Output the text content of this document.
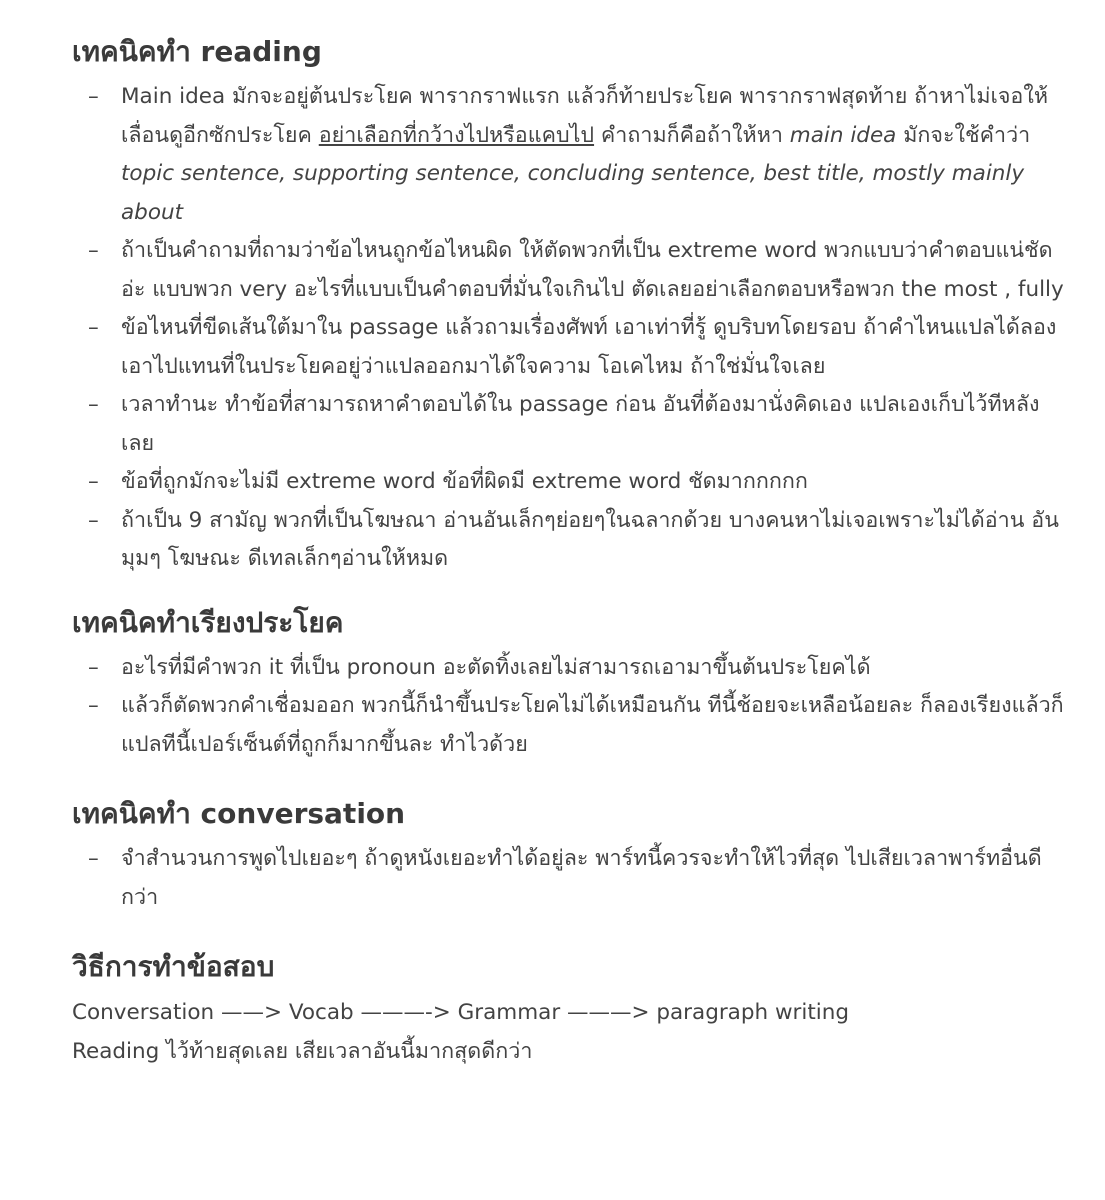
เทคนิคทำ reading
– Main idea มักจะอยู่ต้นประโยค พารากราฟแรก แล้วก็ท้ายประโยค พารากราฟสุดท้าย ถ้าหาไม่เจอให้เลื่อนดูอีกซักประโยค อย่าเลือกที่กว้างไปหรือแคบไป คำถามก็คือถ้าให้หา main idea มักจะใช้คำว่า topic sentence, supporting sentence, concluding sentence, best title, mostly mainly about
– ถ้าเป็นคำถามที่ถามว่าข้อไหนถูกข้อไหนผิด ให้ตัดพวกที่เป็น extreme word พวกแบบว่าคำตอบแน่ชัดอ่ะ แบบพวก very อะไรที่แบบเป็นคำตอบที่มั่นใจเกินไป ตัดเลยอย่าเลือกตอบหรือพวก the most , fully
– ข้อไหนที่ขีดเส้นใต้มาใน passage แล้วถามเรื่องศัพท์ เอาเท่าที่รู้ ดูบริบทโดยรอบ ถ้าคำไหนแปลได้ลองเอาไปแทนที่ในประโยคอยู่ว่าแปลออกมาได้ใจความ โอเคไหม ถ้าใช่มั่นใจเลย
– เวลาทำนะ ทำข้อที่สามารถหาคำตอบได้ใน passage ก่อน อันที่ต้องมานั่งคิดเอง แปลเองเก็บไว้ทีหลังเลย
– ข้อที่ถูกมักจะไม่มี extreme word ข้อที่ผิดมี extreme word ชัดมากกกกก
– ถ้าเป็น 9 สามัญ พวกที่เป็นโฆษณา อ่านอันเล็กๆย่อยๆในฉลากด้วย บางคนหาไม่เจอเพราะไม่ได้อ่าน อันมุมๆ โฆษณะ ดีเทลเล็กๆอ่านให้หมด
เทคนิคทำเรียงประโยค
– อะไรที่มีคำพวก it ที่เป็น pronoun อะตัดทิ้งเลยไม่สามารถเอามาขึ้นต้นประโยคได้
– แล้วก็ตัดพวกคำเชื่อมออก พวกนี้ก็นำขึ้นประโยคไม่ได้เหมือนกัน ทีนี้ช้อยจะเหลือน้อยละ ก็ลองเรียงแล้วก็แปลทีนี้เปอร์เซ็นต์ที่ถูกก็มากขึ้นละ ทำไวด้วย
เทคนิคทำ conversation
– จำสำนวนการพูดไปเยอะๆ ถ้าดูหนังเยอะทำได้อยู่ละ พาร์ทนี้ควรจะทำให้ไวที่สุด ไปเสียเวลาพาร์ทอื่นดีกว่า
วิธีการทำข้อสอบ

Conversation ——> Vocab ———-> Grammar ———> paragraph writing

Reading ไว้ท้ายสุดเลย เสียเวลาอันนี้มากสุดดีกว่า
